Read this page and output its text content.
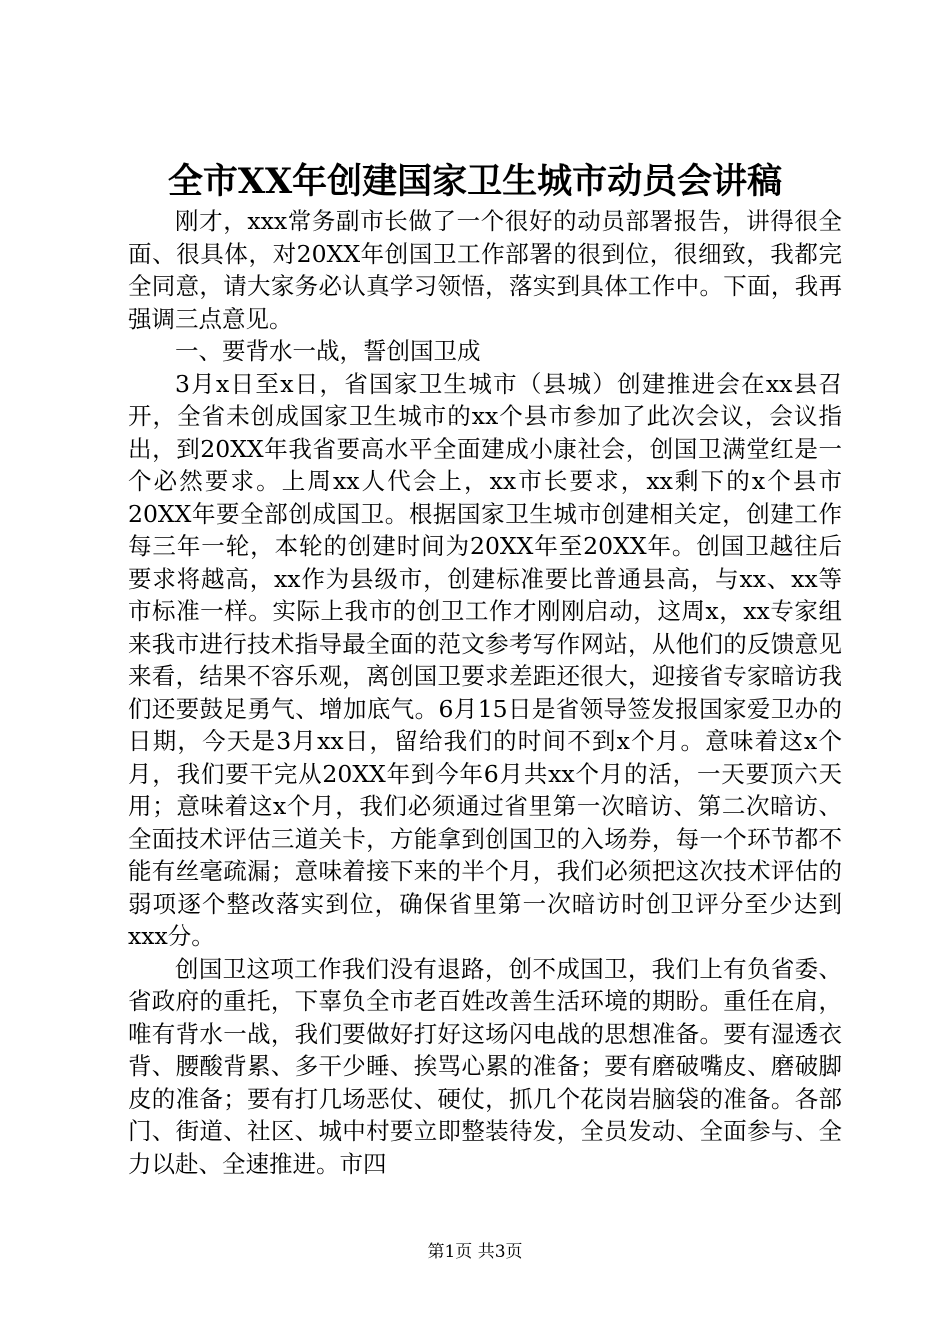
全市XX年创建国家卫生城市动员会讲稿

刚才，xxx常务副市长做了一个很好的动员部署报告，讲得很全面、很具体，对20XX年创国卫工作部署的很到位，很细致，我都完全同意，请大家务必认真学习领悟，落实到具体工作中。下面，我再强调三点意见。

一、要背水一战，誓创国卫成

3月x日至x日，省国家卫生城市（县城）创建推进会在xx县召开，全省未创成国家卫生城市的xx个县市参加了此次会议，会议指出，到20XX年我省要高水平全面建成小康社会，创国卫满堂红是一个必然要求。上周xx人代会上，xx市长要求，xx剩下的x个县市20XX年要全部创成国卫。根据国家卫生城市创建相关定，创建工作每三年一轮，本轮的创建时间为20XX年至20XX年。创国卫越往后要求将越高，xx作为县级市，创建标准要比普通县高，与xx、xx等市标准一样。实际上我市的创卫工作才刚刚启动，这周x，xx专家组来我市进行技术指导最全面的范文参考写作网站，从他们的反馈意见来看，结果不容乐观，离创国卫要求差距还很大，迎接省专家暗访我们还要鼓足勇气、增加底气。6月15日是省领导签发报国家爱卫办的日期，今天是3月xx日，留给我们的时间不到x个月。意味着这x个月，我们要干完从20XX年到今年6月共xx个月的活，一天要顶六天用；意味着这x个月，我们必须通过省里第一次暗访、第二次暗访、全面技术评估三道关卡，方能拿到创国卫的入场券，每一个环节都不能有丝毫疏漏；意味着接下来的半个月，我们必须把这次技术评估的弱项逐个整改落实到位，确保省里第一次暗访时创卫评分至少达到xxx分。

创国卫这项工作我们没有退路，创不成国卫，我们上有负省委、省政府的重托，下辜负全市老百姓改善生活环境的期盼。重任在肩，唯有背水一战，我们要做好打好这场闪电战的思想准备。要有湿透衣背、腰酸背累、多干少睡、挨骂心累的准备；要有磨破嘴皮、磨破脚皮的准备；要有打几场恶仗、硬仗，抓几个花岗岩脑袋的准备。各部门、街道、社区、城中村要立即整装待发，全员发动、全面参与、全力以赴、全速推进。市四

第1页 共3页
